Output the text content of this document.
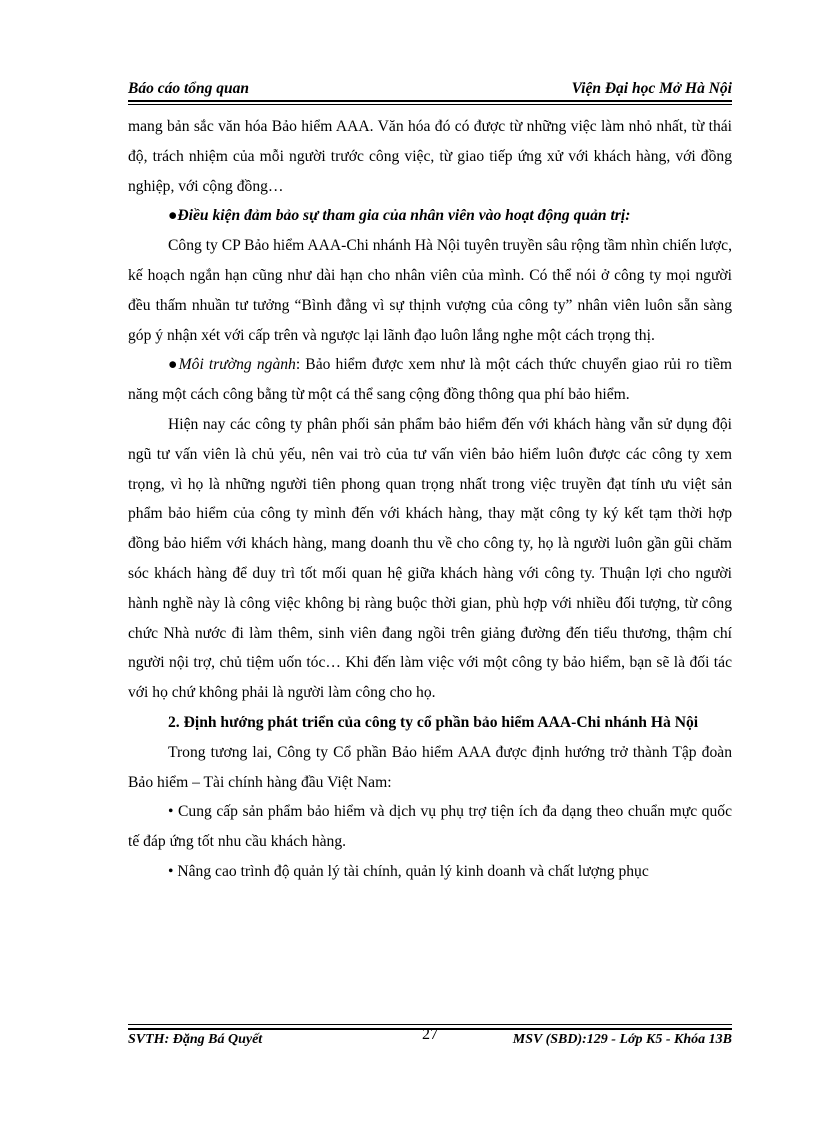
Báo cáo tổng quan	Viện Đại học Mở Hà Nội

mang bản sắc văn hóa Bảo hiểm AAA. Văn hóa đó có được từ những việc làm nhỏ nhất, từ thái độ, trách nhiệm của mỗi người trước công việc, từ giao tiếp ứng xử với khách hàng, với đồng nghiệp, với cộng đồng…

●Điều kiện đảm bảo sự tham gia của nhân viên vào hoạt động quản trị:

Công ty CP Bảo hiểm AAA-Chi nhánh Hà Nội tuyên truyền sâu rộng tầm nhìn chiến lược, kế hoạch ngắn hạn cũng như dài hạn cho nhân viên của mình. Có thể nói ở công ty mọi người đều thấm nhuần tư tưởng “Bình đẳng vì sự thịnh vượng của công ty” nhân viên luôn sẵn sàng góp ý nhận xét với cấp trên và ngược lại lãnh đạo luôn lắng nghe một cách trọng thị.

●Môi trường ngành: Bảo hiểm được xem như là một cách thức chuyển giao rủi ro tiềm năng một cách công bằng từ một cá thể sang cộng đồng thông qua phí bảo hiểm.

Hiện nay các công ty phân phối sản phẩm bảo hiểm đến với khách hàng vẫn sử dụng đội ngũ tư vấn viên là chủ yếu, nên vai trò của tư vấn viên bảo hiểm luôn được các công ty xem trọng, vì họ là những người tiên phong quan trọng nhất trong việc truyền đạt tính ưu việt sản phẩm bảo hiểm của công ty mình đến với khách hàng, thay mặt công ty ký kết tạm thời hợp đồng bảo hiểm với khách hàng, mang doanh thu về cho công ty, họ là người luôn gần gũi chăm sóc khách hàng để duy trì tốt mối quan hệ giữa khách hàng với công ty. Thuận lợi cho người hành nghề này là công việc không bị ràng buộc thời gian, phù hợp với nhiều đối tượng, từ công chức Nhà nước đi làm thêm, sinh viên đang ngồi trên giảng đường đến tiểu thương, thậm chí người nội trợ, chủ tiệm uốn tóc… Khi đến làm việc với một công ty bảo hiểm, bạn sẽ là đối tác với họ chứ không phải là người làm công cho họ.

2. Định hướng phát triển của công ty cổ phần bảo hiểm AAA-Chi nhánh Hà Nội

Trong tương lai, Công ty Cổ phần Bảo hiểm AAA được định hướng trở thành Tập đoàn Bảo hiểm – Tài chính hàng đầu Việt Nam:

• Cung cấp sản phẩm bảo hiểm và dịch vụ phụ trợ tiện ích đa dạng theo chuẩn mực quốc tế đáp ứng tốt nhu cầu khách hàng.

• Nâng cao trình độ quản lý tài chính, quản lý kinh doanh và chất lượng phục

SVTH: Đặng Bá Quyết	27	MSV (SBD):129 - Lớp K5 - Khóa 13B
